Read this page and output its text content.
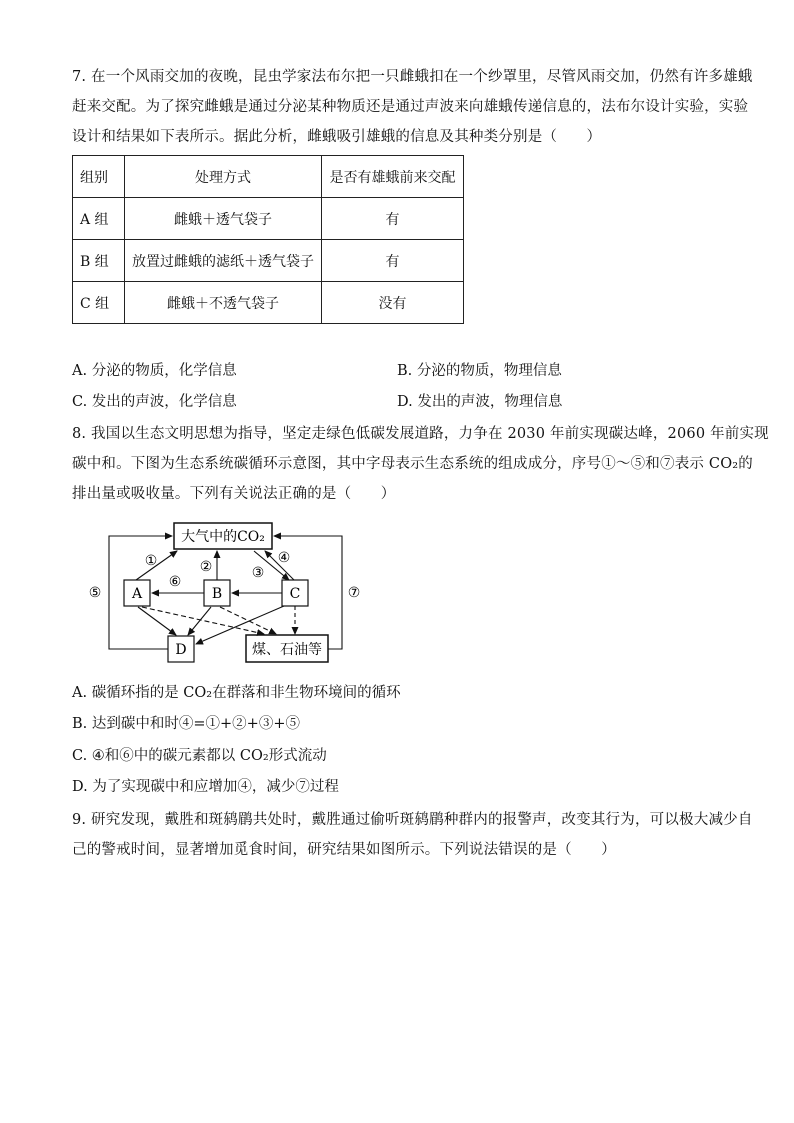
7. 在一个风雨交加的夜晚，昆虫学家法布尔把一只雌蛾扣在一个纱罩里，尽管风雨交加，仍然有许多雄蛾
赶来交配。为了探究雌蛾是通过分泌某种物质还是通过声波来向雄蛾传递信息的，法布尔设计实验，实验
设计和结果如下表所示。据此分析，雌蛾吸引雄蛾的信息及其种类分别是（　　）
组别	处理方式	是否有雄蛾前来交配
A 组	雌蛾＋透气袋子	有
B 组	放置过雌蛾的滤纸＋透气袋子	有
C 组	雌蛾＋不透气袋子	没有
A. 分泌的物质，化学信息	B. 分泌的物质，物理信息
C. 发出的声波，化学信息	D. 发出的声波，物理信息
8. 我国以生态文明思想为指导，坚定走绿色低碳发展道路，力争在 2030 年前实现碳达峰，2060 年前实现
碳中和。下图为生态系统碳循环示意图，其中字母表示生态系统的组成成分，序号①～⑤和⑦表示 CO₂的
排出量或吸收量。下列有关说法正确的是（　　）
大气中的CO₂
A	B	C
D	煤、石油等
①	②	③
④
⑤
⑥
⑦
A. 碳循环指的是 CO₂在群落和非生物环境间的循环
B. 达到碳中和时④=①+②+③+⑤
C. ④和⑥中的碳元素都以 CO₂形式流动
D. 为了实现碳中和应增加④，减少⑦过程
9. 研究发现，戴胜和斑鸫鹛共处时，戴胜通过偷听斑鸫鹛种群内的报警声，改变其行为，可以极大减少自
己的警戒时间，显著增加觅食时间，研究结果如图所示。下列说法错误的是（　　）
